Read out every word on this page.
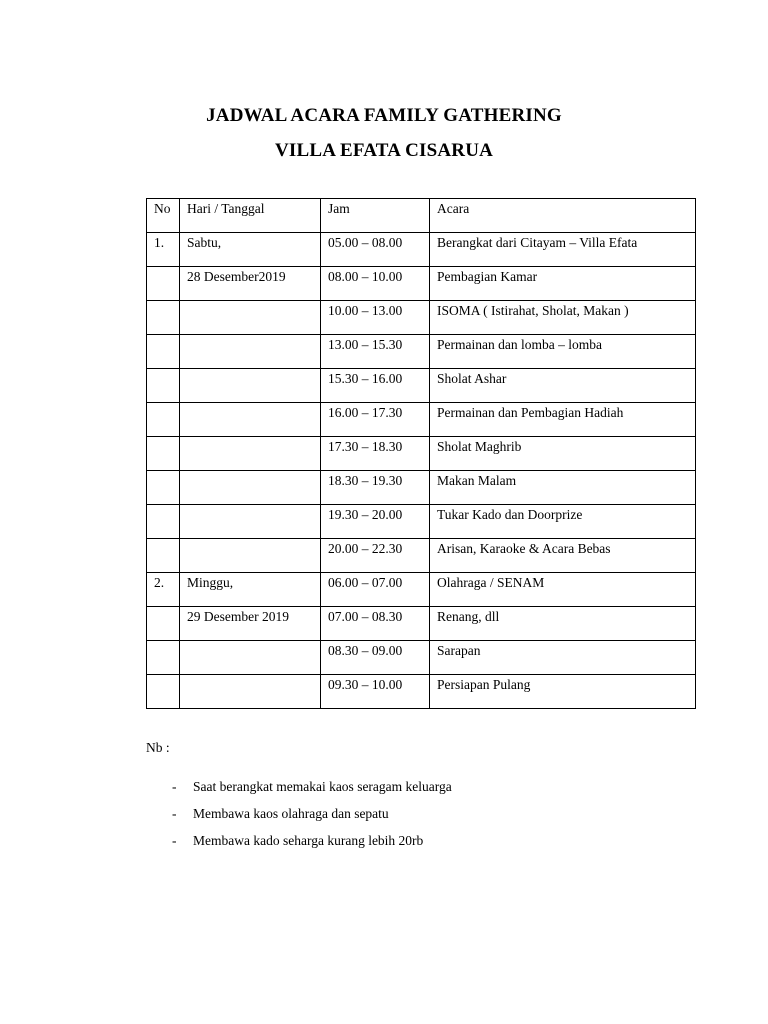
JADWAL ACARA FAMILY GATHERING
VILLA EFATA CISARUA
No	Hari / Tanggal	Jam	Acara

1.	Sabtu,	05.00 – 08.00	Berangkat dari Citayam – Villa Efata

	28 Desember2019	08.00 – 10.00	Pembagian Kamar

		10.00 – 13.00	ISOMA ( Istirahat, Sholat, Makan )

		13.00 – 15.30	Permainan dan lomba – lomba

		15.30 – 16.00	Sholat Ashar

		16.00 – 17.30	Permainan dan Pembagian Hadiah

		17.30 – 18.30	Sholat Maghrib

		18.30 – 19.30	Makan Malam

		19.30 – 20.00	Tukar Kado dan Doorprize

		20.00 – 22.30	Arisan, Karaoke & Acara Bebas

2.	Minggu,	06.00 – 07.00	Olahraga / SENAM

	29 Desember 2019	07.00 – 08.30	Renang, dll

		08.30 – 09.00	Sarapan

		09.30 – 10.00	Persiapan Pulang
Nb :
- Saat berangkat memakai kaos seragam keluarga
- Membawa kaos olahraga dan sepatu
- Membawa kado seharga kurang lebih 20rb
